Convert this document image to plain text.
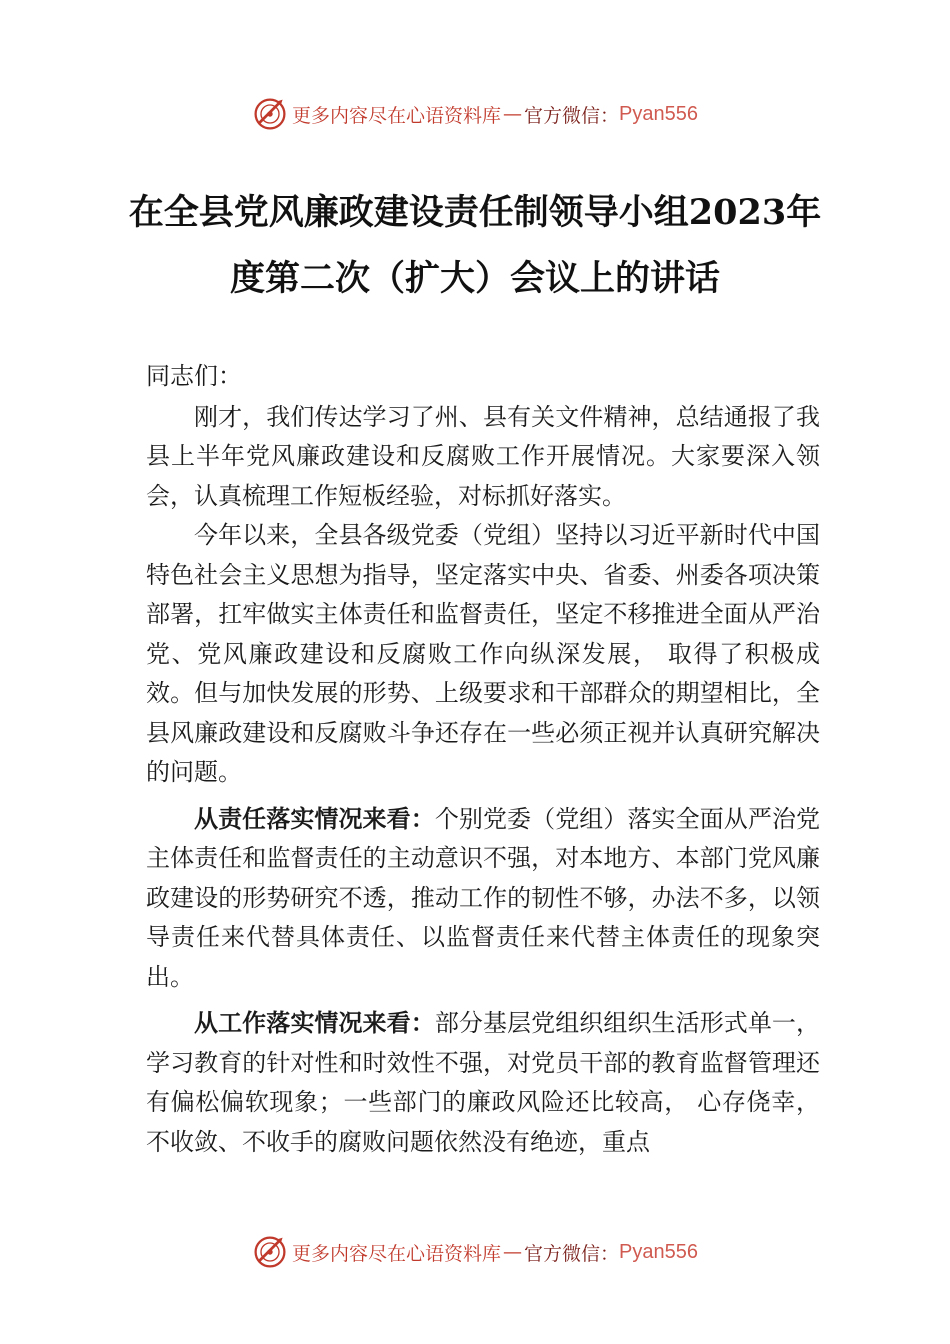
更多内容尽在心语资料库 — 官方微信： Pyan556
在全县党风廉政建设责任制领导小组2023年度第二次（扩大）会议上的讲话

同志们：

刚才，我们传达学习了州、县有关文件精神，总结通报了我县上半年党风廉政建设和反腐败工作开展情况。大家要深入领会，认真梳理工作短板经验，对标抓好落实。

今年以来，全县各级党委（党组）坚持以习近平新时代中国特色社会主义思想为指导，坚定落实中央、省委、州委各项决策部署，扛牢做实主体责任和监督责任，坚定不移推进全面从严治党、党风廉政建设和反腐败工作向纵深发展， 取得了积极成效。但与加快发展的形势、上级要求和干部群众的期望相比，全县风廉政建设和反腐败斗争还存在一些必须正视并认真研究解决的问题。

从责任落实情况来看：个别党委（党组）落实全面从严治党主体责任和监督责任的主动意识不强，对本地方、本部门党风廉政建设的形势研究不透，推动工作的韧性不够，办法不多，以领导责任来代替具体责任、以监督责任来代替主体责任的现象突出。

从工作落实情况来看：部分基层党组织组织生活形式单一，学习教育的针对性和时效性不强，对党员干部的教育监督管理还有偏松偏软现象；一些部门的廉政风险还比较高， 心存侥幸，不收敛、不收手的腐败问题依然没有绝迹，重点

更多内容尽在心语资料库 — 官方微信： Pyan556
